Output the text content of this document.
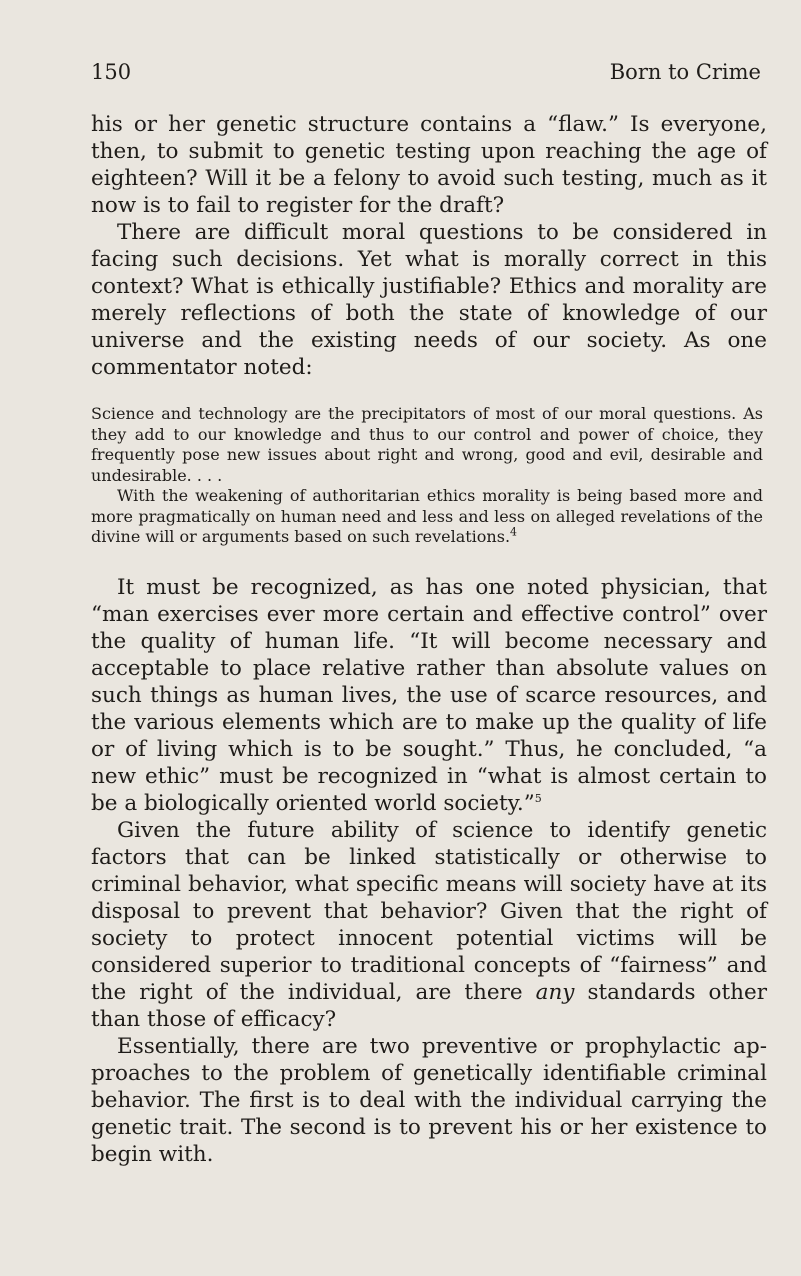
150	Born to Crime

his or her genetic structure contains a “flaw.” Is everyone, then, to submit to genetic testing upon reaching the age of eighteen? Will it be a felony to avoid such testing, much as it now is to fail to register for the draft?

There are difficult moral questions to be considered in facing such decisions. Yet what is morally correct in this context? What is ethically justifiable? Ethics and morality are merely reflections of both the state of knowledge of our universe and the existing needs of our society. As one commentator noted:

Science and technology are the precipitators of most of our moral questions. As they add to our knowledge and thus to our control and power of choice, they frequently pose new issues about right and wrong, good and evil, desirable and undesirable. . . .

With the weakening of authoritarian ethics morality is being based more and more pragmatically on human need and less and less on alleged revelations of the divine will or arguments based on such revelations.$^4$

It must be recognized, as has one noted physician, that “man exercises ever more certain and effective control” over the quality of human life. “It will become necessary and acceptable to place relative rather than absolute values on such things as human lives, the use of scarce resources, and the various elements which are to make up the quality of life or of living which is to be sought.” Thus, he concluded, “a new ethic” must be recognized in “what is almost certain to be a biologically oriented world society.”$^5$

Given the future ability of science to identify genetic factors that can be linked statistically or otherwise to criminal behavior, what specific means will society have at its disposal to prevent that behavior? Given that the right of society to protect innocent potential victims will be considered superior to traditional concepts of “fairness” and the right of the individual, are there any standards other than those of efficacy?

Essentially, there are two preventive or prophylactic approaches to the problem of genetically identifiable criminal behavior. The first is to deal with the individual carrying the genetic trait. The second is to prevent his or her existence to begin with.
